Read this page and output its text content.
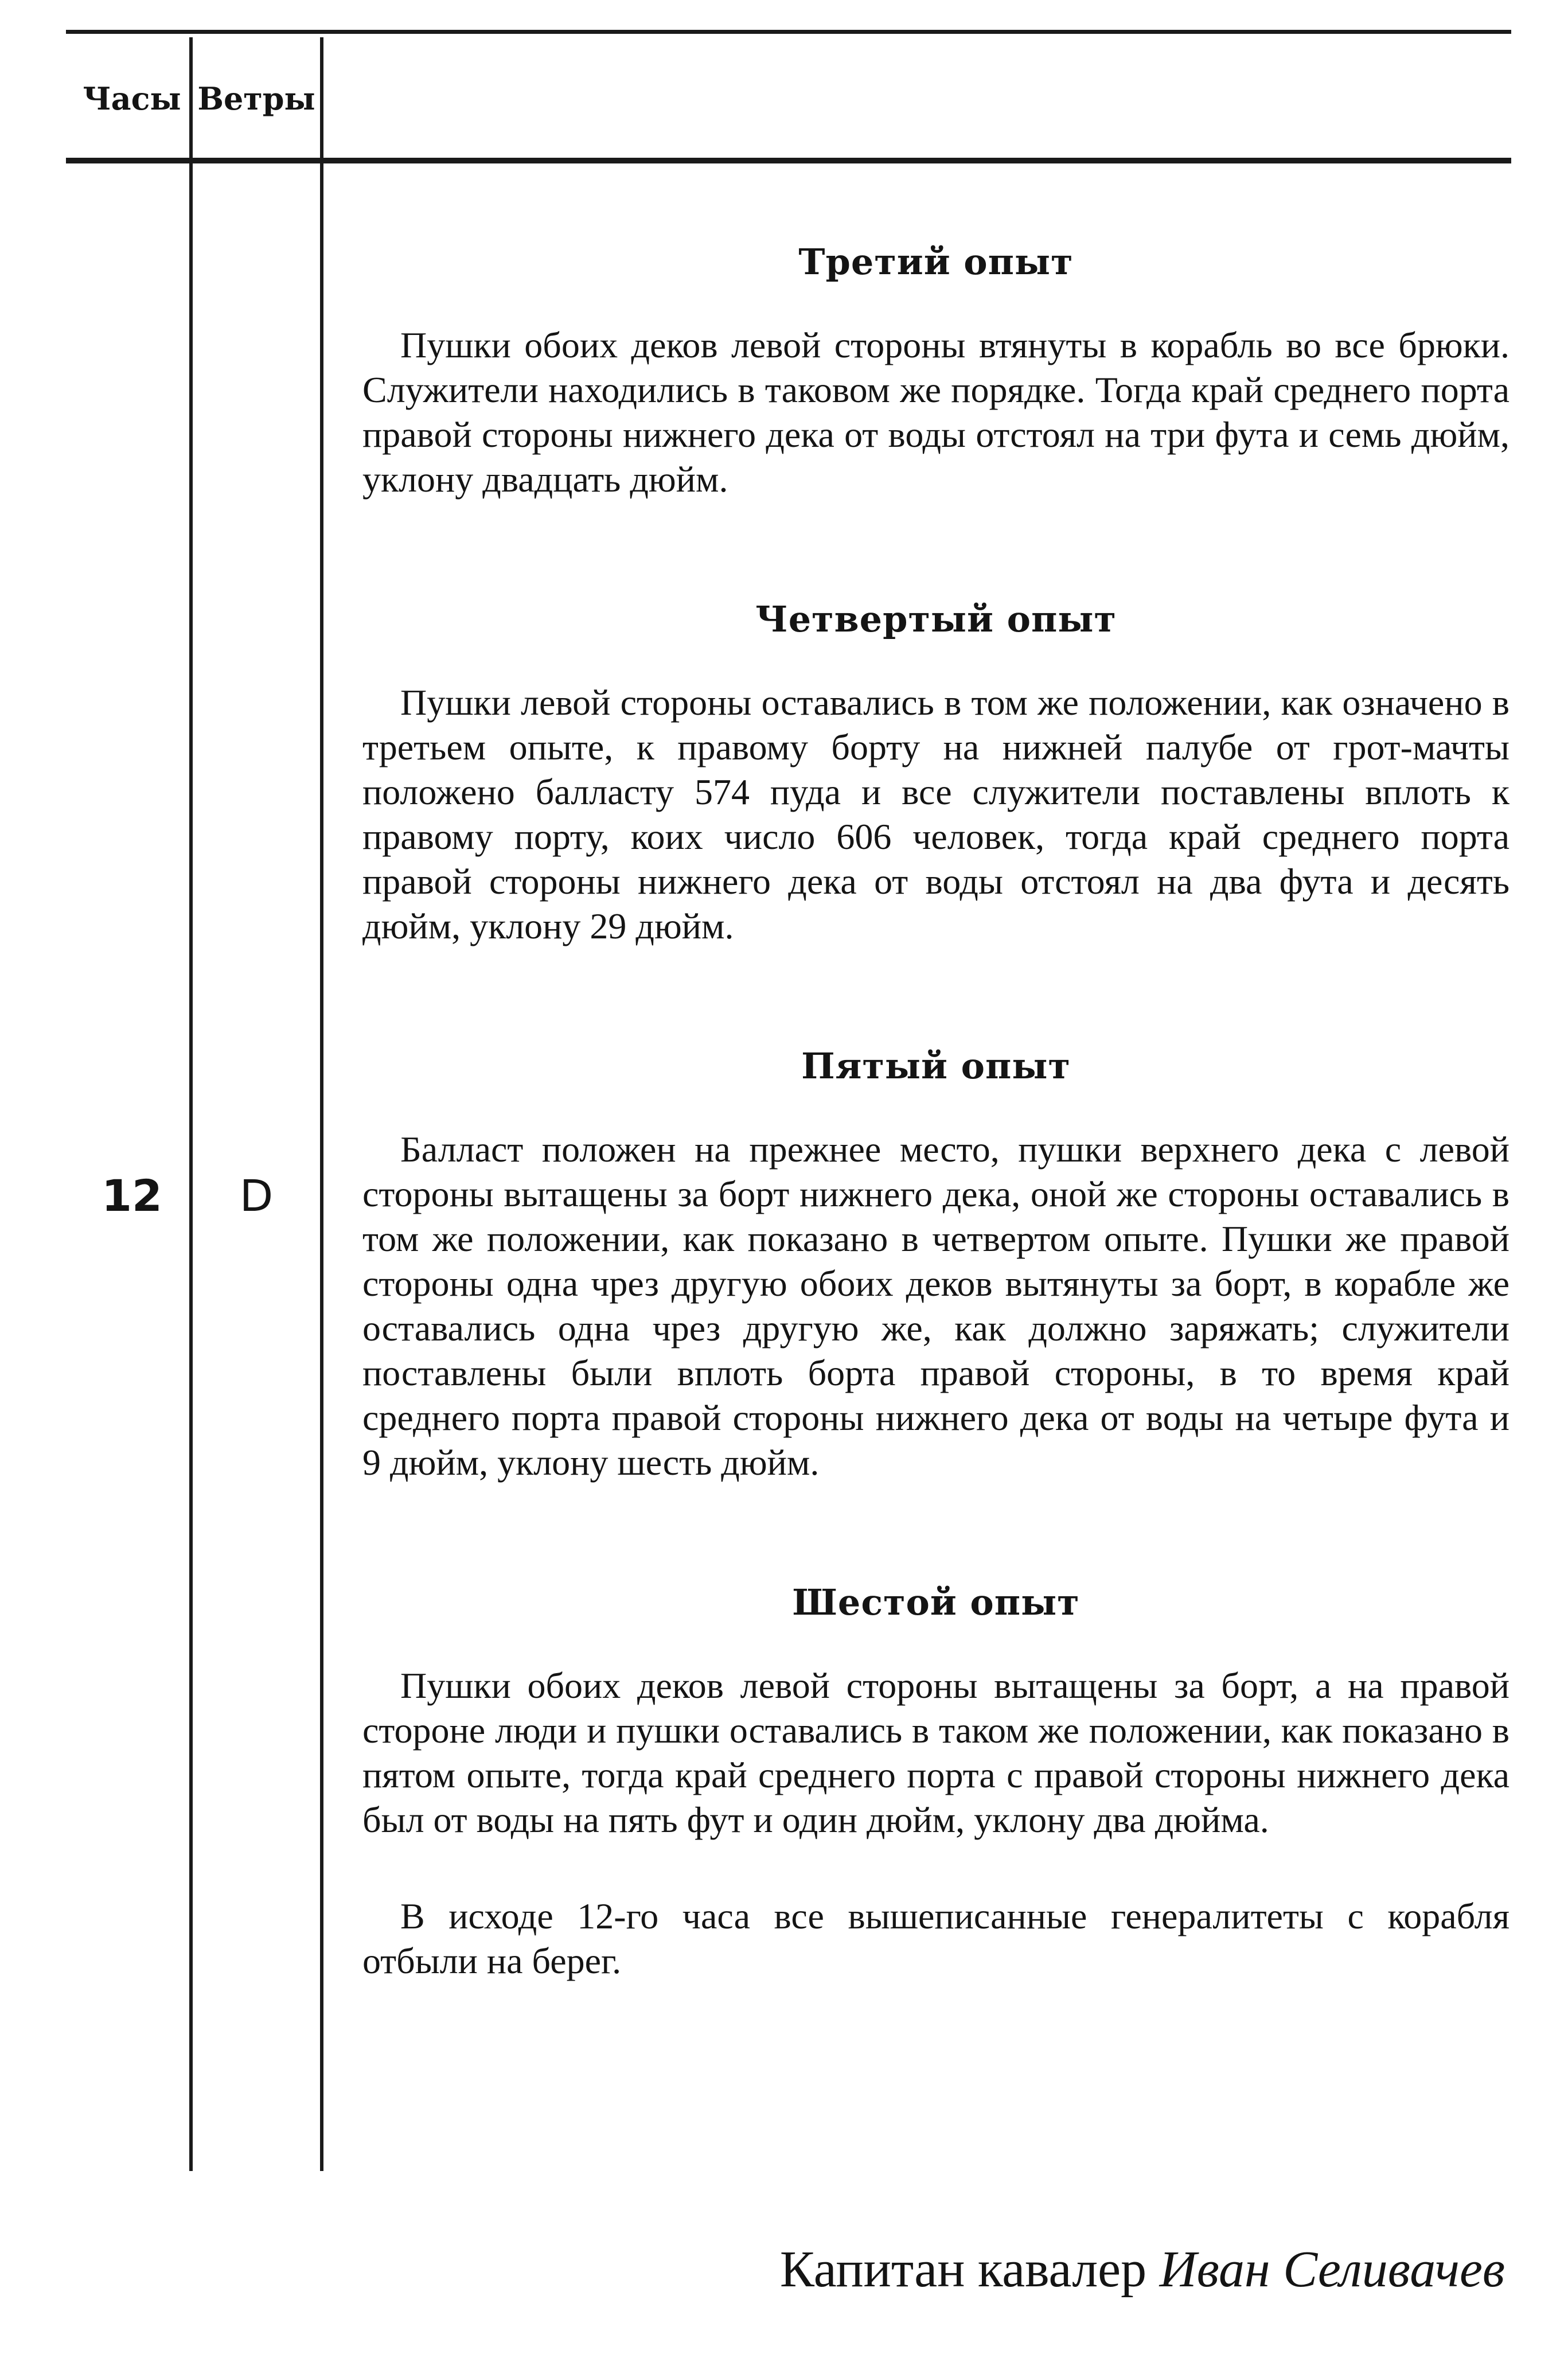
Часы Ветры
12	D

Третий опыт

Пушки обоих деков левой стороны втянуты в корабль во все брюки. Служители находились в таковом же порядке. Тогда край среднего порта правой стороны нижнего дека от воды отстоял на три фута и семь дюйм, уклону двадцать дюйм.

Четвертый опыт

Пушки левой стороны оставались в том же положении, как означено в третьем опыте, к правому борту на нижней палубе от грот-мачты положено балласту 574 пуда и все служители поставлены вплоть к правому порту, коих число 606 человек, тогда край среднего порта правой стороны нижнего дека от воды отстоял на два фута и десять дюйм, уклону 29 дюйм.

Пятый опыт

Балласт положен на прежнее место, пушки верхнего дека с левой стороны вытащены за борт нижнего дека, оной же стороны оставались в том же положении, как показано в четвертом опыте. Пушки же правой стороны одна чрез другую обоих деков вытянуты за борт, в корабле же оставались одна чрез другую же, как должно заряжать; служители поставлены были вплоть борта правой стороны, в то время край среднего порта правой стороны нижнего дека от воды на четыре фута и 9 дюйм, уклону шесть дюйм.

Шестой опыт

Пушки обоих деков левой стороны вытащены за борт, а на правой стороне люди и пушки оставались в таком же положении, как показано в пятом опыте, тогда край среднего порта с правой стороны нижнего дека был от воды на пять фут и один дюйм, уклону два дюйма.

В исходе 12-го часа все вышеписанные генералитеты с корабля отбыли на берег.

Капитан кавалер Иван Селивачев
